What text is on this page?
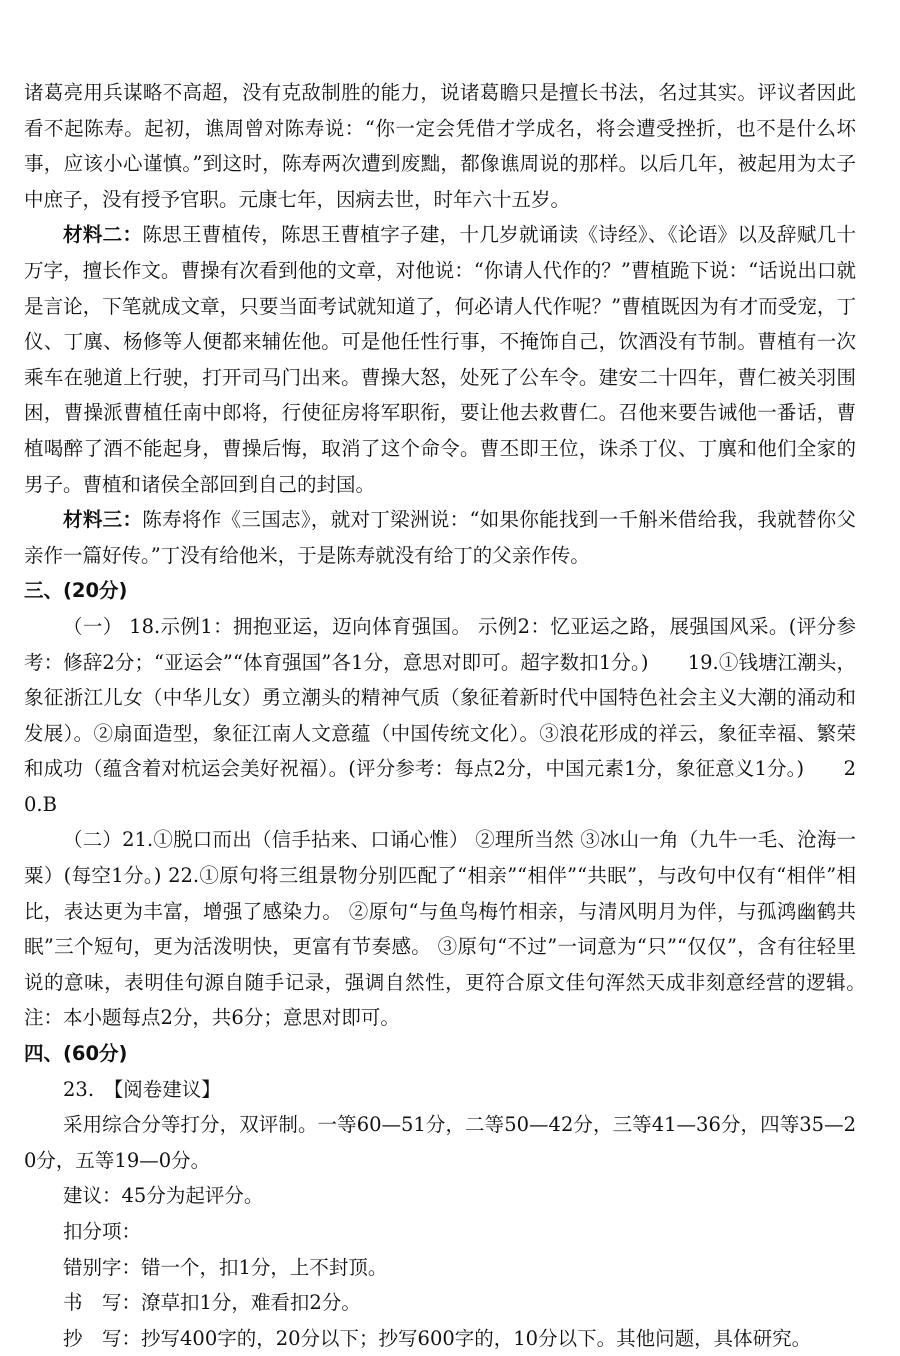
诸葛亮用兵谋略不高超，没有克敌制胜的能力，说诸葛瞻只是擅长书法，名过其实。评议者因此看不起陈寿。起初，谯周曾对陈寿说：“你一定会凭借才学成名，将会遭受挫折，也不是什么坏事，应该小心谨慎。”到这时，陈寿两次遭到废黜，都像谯周说的那样。以后几年，被起用为太子中庶子，没有授予官职。元康七年，因病去世，时年六十五岁。

材料二：陈思王曹植传，陈思王曹植字子建，十几岁就诵读《诗经》、《论语》以及辞赋几十万字，擅长作文。曹操有次看到他的文章，对他说：“你请人代作的？”曹植跪下说：“话说出口就是言论，下笔就成文章，只要当面考试就知道了，何必请人代作呢？”曹植既因为有才而受宠，丁仪、丁廙、杨修等人便都来辅佐他。可是他任性行事，不掩饰自己，饮酒没有节制。曹植有一次乘车在驰道上行驶，打开司马门出来。曹操大怒，处死了公车令。建安二十四年，曹仁被关羽围困，曹操派曹植任南中郎将，行使征房将军职衔，要让他去救曹仁。召他来要告诫他一番话，曹植喝醉了酒不能起身，曹操后悔，取消了这个命令。曹丕即王位，诛杀丁仪、丁廙和他们全家的男子。曹植和诸侯全部回到自己的封国。

材料三：陈寿将作《三国志》，就对丁梁洲说：“如果你能找到一千斛米借给我，我就替你父亲作一篇好传。”丁没有给他米，于是陈寿就没有给丁的父亲作传。

三、(20分)

（一） 18.示例1：拥抱亚运，迈向体育强国。 示例2：忆亚运之路，展强国风采。(评分参考：修辞2分；“亚运会”“体育强国”各1分，意思对即可。超字数扣1分。)　　19.①钱塘江潮头，象征浙江儿女（中华儿女）勇立潮头的精神气质（象征着新时代中国特色社会主义大潮的涌动和发展）。②扇面造型，象征江南人文意蕴（中国传统文化）。③浪花形成的祥云，象征幸福、繁荣和成功（蕴含着对杭运会美好祝福）。(评分参考：每点2分，中国元素1分，象征意义1分。)　　20.B

（二）21.①脱口而出（信手拈来、口诵心惟） ②理所当然 ③冰山一角（九牛一毛、沧海一粟）(每空1分。) 22.①原句将三组景物分别匹配了“相亲”“相伴”“共眠”，与改句中仅有“相伴”相比，表达更为丰富，增强了感染力。 ②原句“与鱼鸟梅竹相亲，与清风明月为伴，与孤鸿幽鹤共眠”三个短句，更为活泼明快，更富有节奏感。 ③原句“不过”一词意为“只”“仅仅”，含有往轻里说的意味，表明佳句源自随手记录，强调自然性，更符合原文佳句浑然天成非刻意经营的逻辑。　注：本小题每点2分，共6分；意思对即可。

四、(60分)

23.　【阅卷建议】

采用综合分等打分，双评制。一等60—51分，二等50—42分，三等41—36分，四等35—20分，五等19—0分。

建议：45分为起评分。

扣分项：

错别字：错一个，扣1分，上不封顶。

书　写：潦草扣1分，难看扣2分。

抄　写：抄写400字的，20分以下；抄写600字的，10分以下。其他问题，具体研究。
